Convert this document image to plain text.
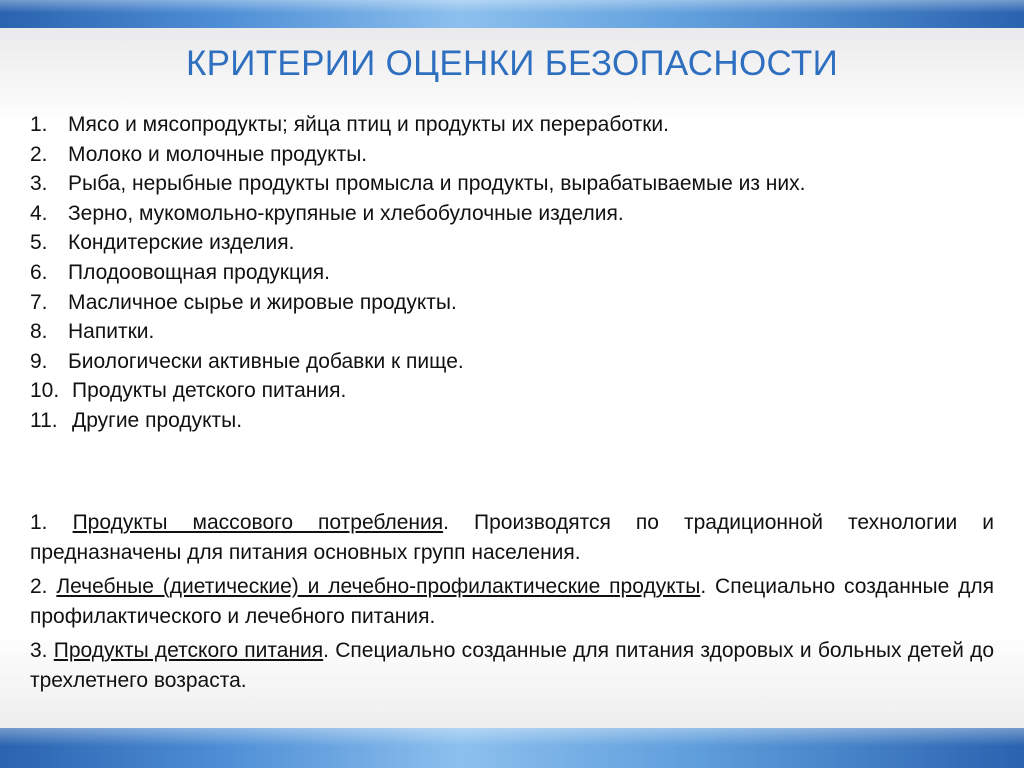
КРИТЕРИИ ОЦЕНКИ БЕЗОПАСНОСТИ
1. Мясо и мясопродукты; яйца птиц и продукты их переработки.
2. Молоко и молочные продукты.
3. Рыба, нерыбные продукты промысла и продукты, вырабатываемые из них.
4. Зерно, мукомольно-крупяные и хлебобулочные изделия.
5. Кондитерские изделия.
6. Плодоовощная продукция.
7. Масличное сырье и жировые продукты.
8. Напитки.
9. Биологически активные добавки к пище.
10. Продукты детского питания.
11. Другие продукты.

1. Продукты массового потребления. Производятся по традиционной технологии и предназначены для питания основных групп населения.

2. Лечебные (диетические) и лечебно-профилактические продукты. Специально созданные для профилактического и лечебного питания.

3. Продукты детского питания. Специально созданные для питания здоровых и больных детей до трехлетнего возраста.
